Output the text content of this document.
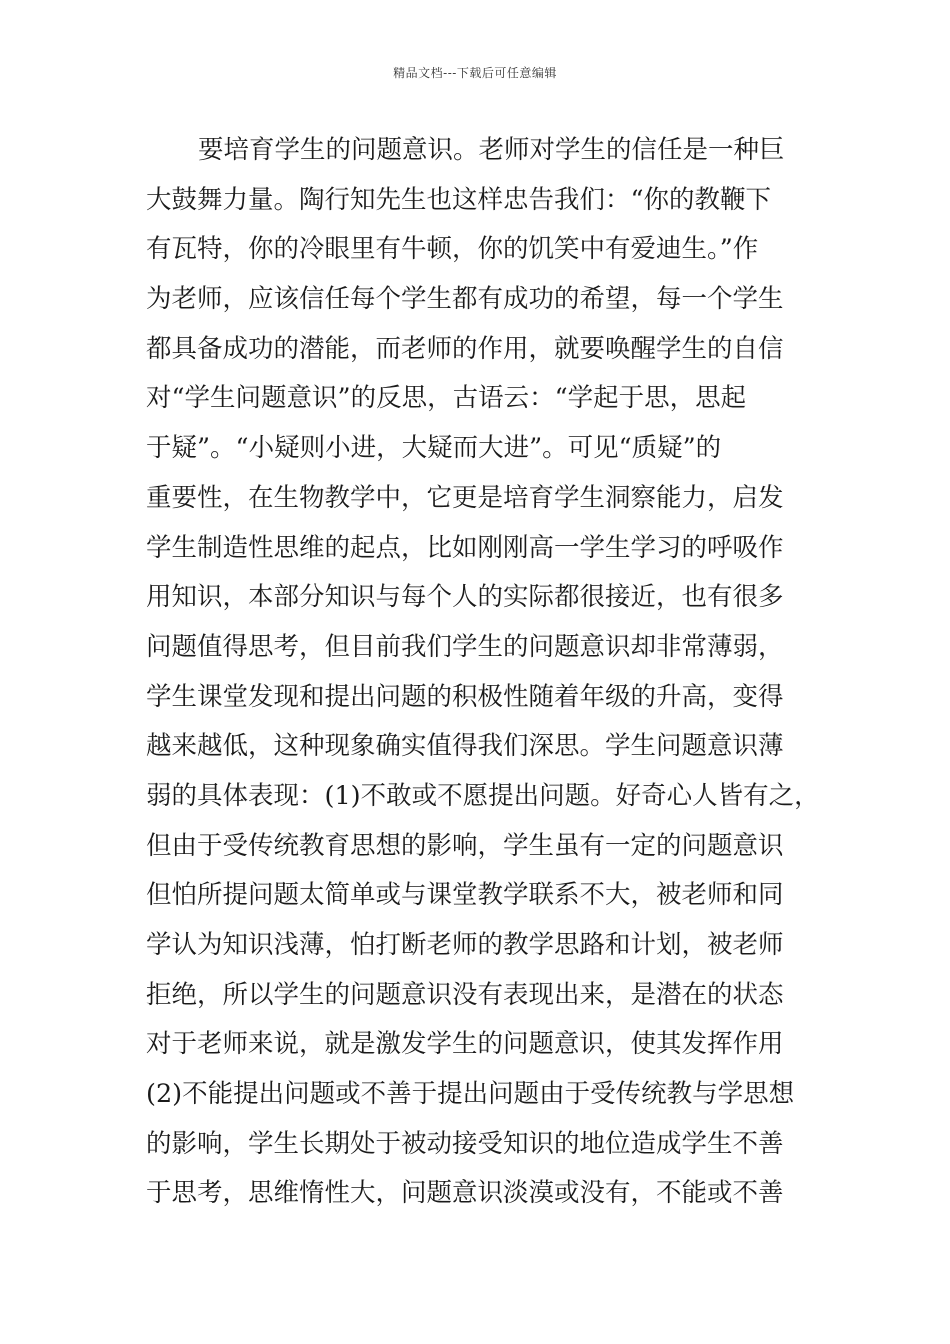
精品文档---下载后可任意编辑
要培育学生的问题意识。老师对学生的信任是一种巨
大鼓舞力量。陶行知先生也这样忠告我们：“你的教鞭下
有瓦特，你的冷眼里有牛顿，你的饥笑中有爱迪生。”作
为老师，应该信任每个学生都有成功的希望，每一个学生
都具备成功的潜能，而老师的作用，就要唤醒学生的自信
对“学生问题意识”的反思，古语云：“学起于思，思起
于疑”。“小疑则小进，大疑而大进”。可见“质疑”的
重要性，在生物教学中，它更是培育学生洞察能力，启发
学生制造性思维的起点，比如刚刚高一学生学习的呼吸作
用知识，本部分知识与每个人的实际都很接近，也有很多
问题值得思考，但目前我们学生的问题意识却非常薄弱，
学生课堂发现和提出问题的积极性随着年级的升高，变得
越来越低，这种现象确实值得我们深思。学生问题意识薄
弱的具体表现：(1)不敢或不愿提出问题。好奇心人皆有之，
但由于受传统教育思想的影响，学生虽有一定的问题意识
但怕所提问题太简单或与课堂教学联系不大，被老师和同
学认为知识浅薄，怕打断老师的教学思路和计划，被老师
拒绝，所以学生的问题意识没有表现出来，是潜在的状态
对于老师来说，就是激发学生的问题意识，使其发挥作用
(2)不能提出问题或不善于提出问题由于受传统教与学思想
的影响，学生长期处于被动接受知识的地位造成学生不善
于思考，思维惰性大，问题意识淡漠或没有，不能或不善
